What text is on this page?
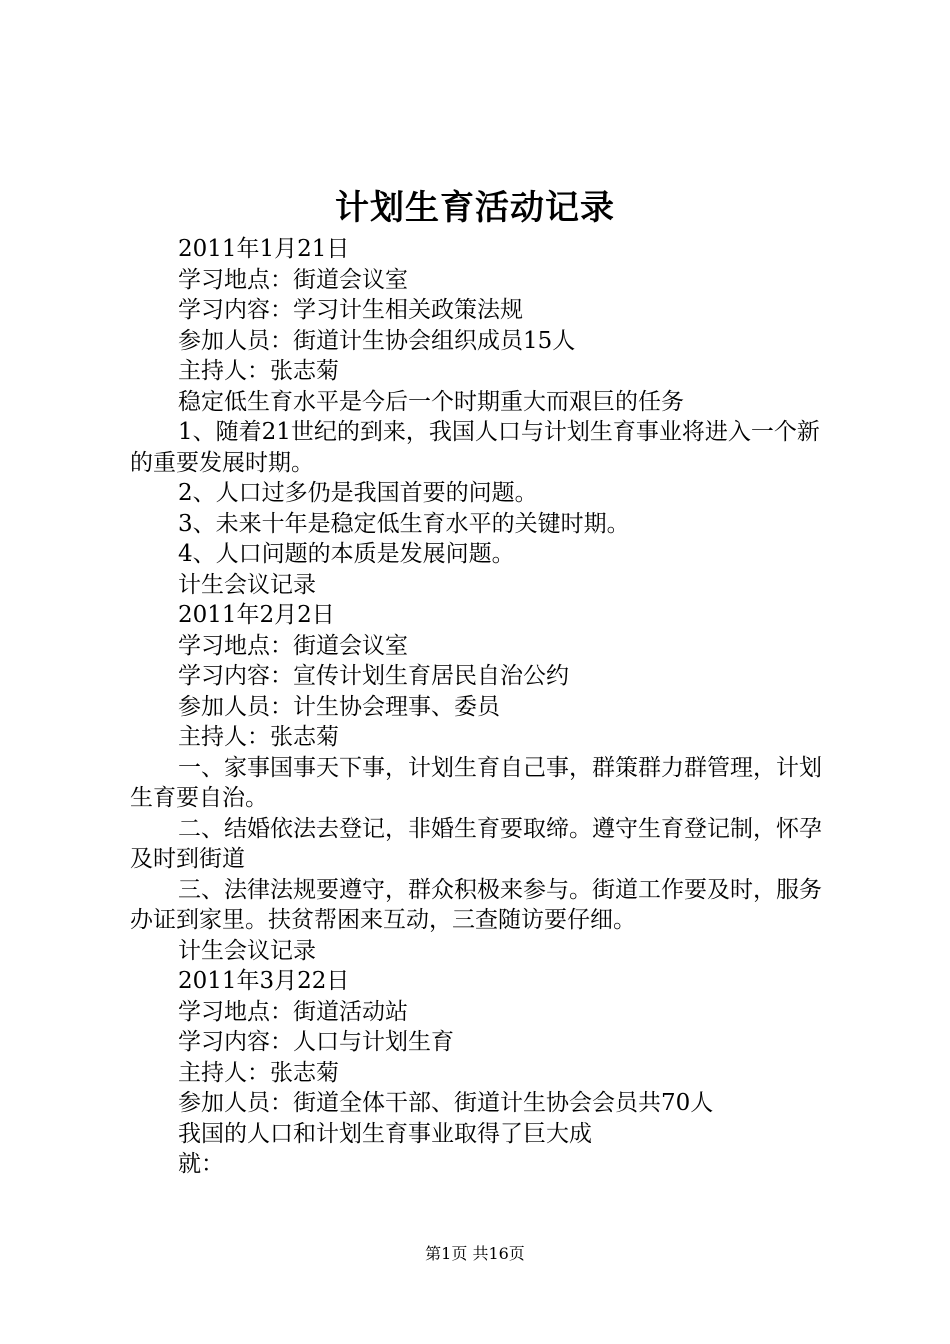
计划生育活动记录

2011年1月21日

学习地点：街道会议室

学习内容：学习计生相关政策法规

参加人员：街道计生协会组织成员15人

主持人：张志菊

稳定低生育水平是今后一个时期重大而艰巨的任务

1、随着21世纪的到来，我国人口与计划生育事业将进入一个新的重要发展时期。

2、人口过多仍是我国首要的问题。

3、未来十年是稳定低生育水平的关键时期。

4、人口问题的本质是发展问题。

计生会议记录

2011年2月2日

学习地点：街道会议室

学习内容：宣传计划生育居民自治公约

参加人员：计生协会理事、委员

主持人：张志菊

一、家事国事天下事，计划生育自己事，群策群力群管理，计划生育要自治。

二、结婚依法去登记，非婚生育要取缔。遵守生育登记制，怀孕及时到街道

三、法律法规要遵守，群众积极来参与。街道工作要及时，服务办证到家里。扶贫帮困来互动，三查随访要仔细。

计生会议记录

2011年3月22日

学习地点：街道活动站

学习内容：人口与计划生育

主持人：张志菊

参加人员：街道全体干部、街道计生协会会员共70人

我国的人口和计划生育事业取得了巨大成

就：

第1页 共16页
